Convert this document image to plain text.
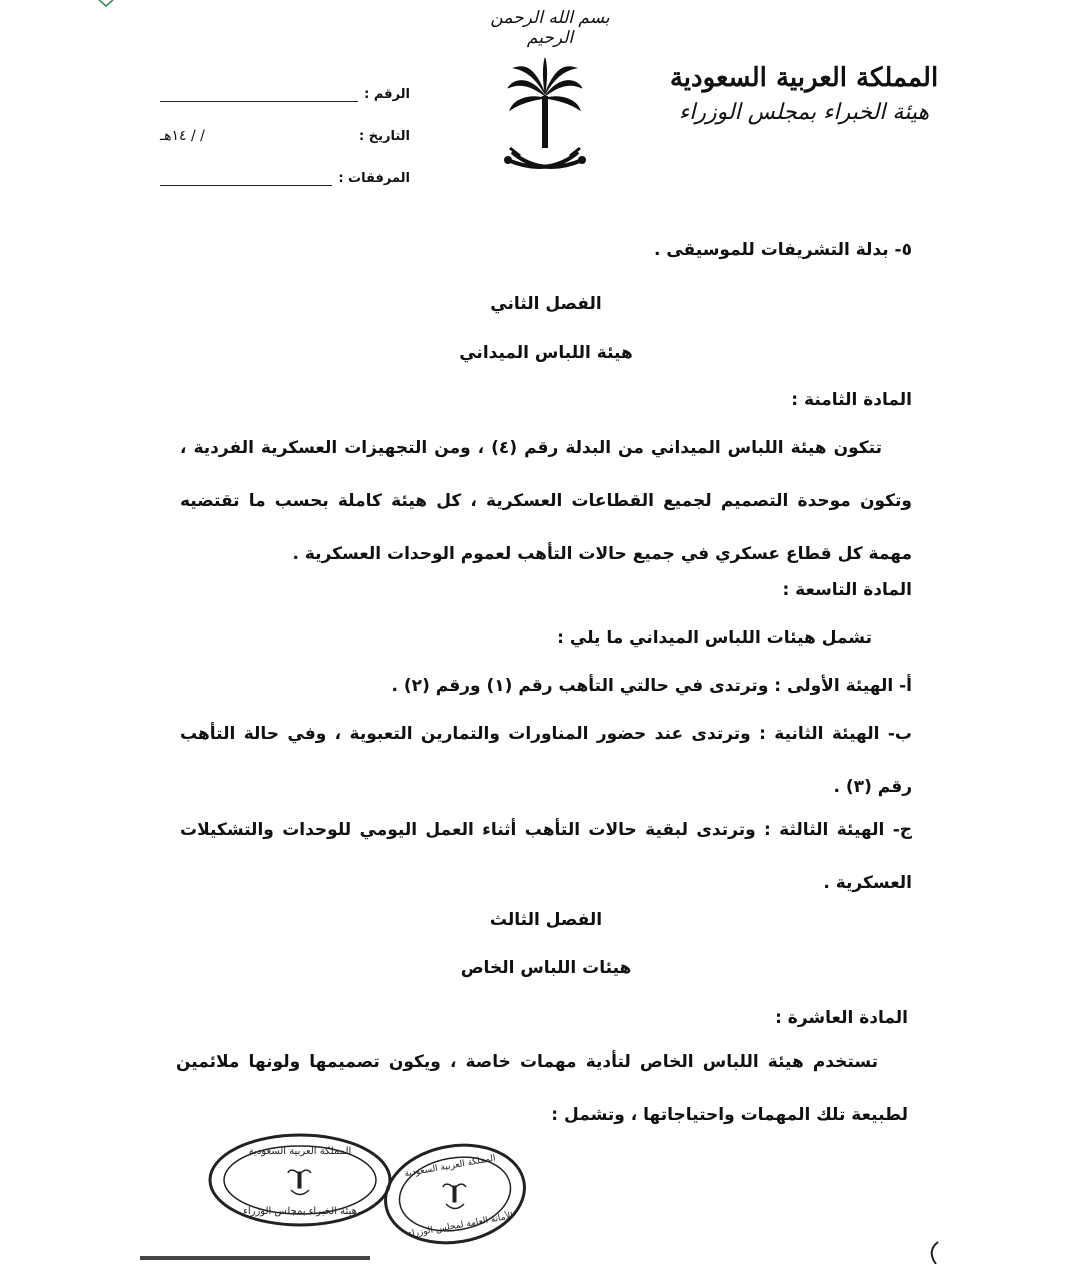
بسم الله الرحمن الرحيم
المملكة العربية السعودية
هيئة الخبراء بمجلس الوزراء
الرقم :
التاريخ :
١٤هـ / /
المرفقات :
٥- بدلة التشريفات للموسيقى .
الفصل الثاني
هيئة اللباس الميداني
المادة الثامنة :
تتكون هيئة اللباس الميداني من البدلة رقم (٤) ، ومن التجهيزات العسكرية الفردية ، وتكون موحدة التصميم لجميع القطاعات العسكرية ، كل هيئة كاملة بحسب ما تقتضيه مهمة كل قطاع عسكري في جميع حالات التأهب لعموم الوحدات العسكرية .
المادة التاسعة :
تشمل هيئات اللباس الميداني ما يلي :
أ- الهيئة الأولى : وترتدى في حالتي التأهب رقم (١) ورقم (٢) .
ب- الهيئة الثانية : وترتدى عند حضور المناورات والتمارين التعبوية ، وفي حالة التأهب رقم (٣) .
ج- الهيئة الثالثة : وترتدى لبقية حالات التأهب أثناء العمل اليومي للوحدات والتشكيلات العسكرية .
الفصل الثالث
هيئات اللباس الخاص
المادة العاشرة :
تستخدم هيئة اللباس الخاص لتأدية مهمات خاصة ، ويكون تصميمها ولونها ملائمين لطبيعة تلك المهمات واحتياجاتها ، وتشمل :
المملكة العربية السعودية
هيئة الخبراء بمجلس الوزراء
المملكة العربية السعودية
الأمانة العامة لمجلس الوزراء
